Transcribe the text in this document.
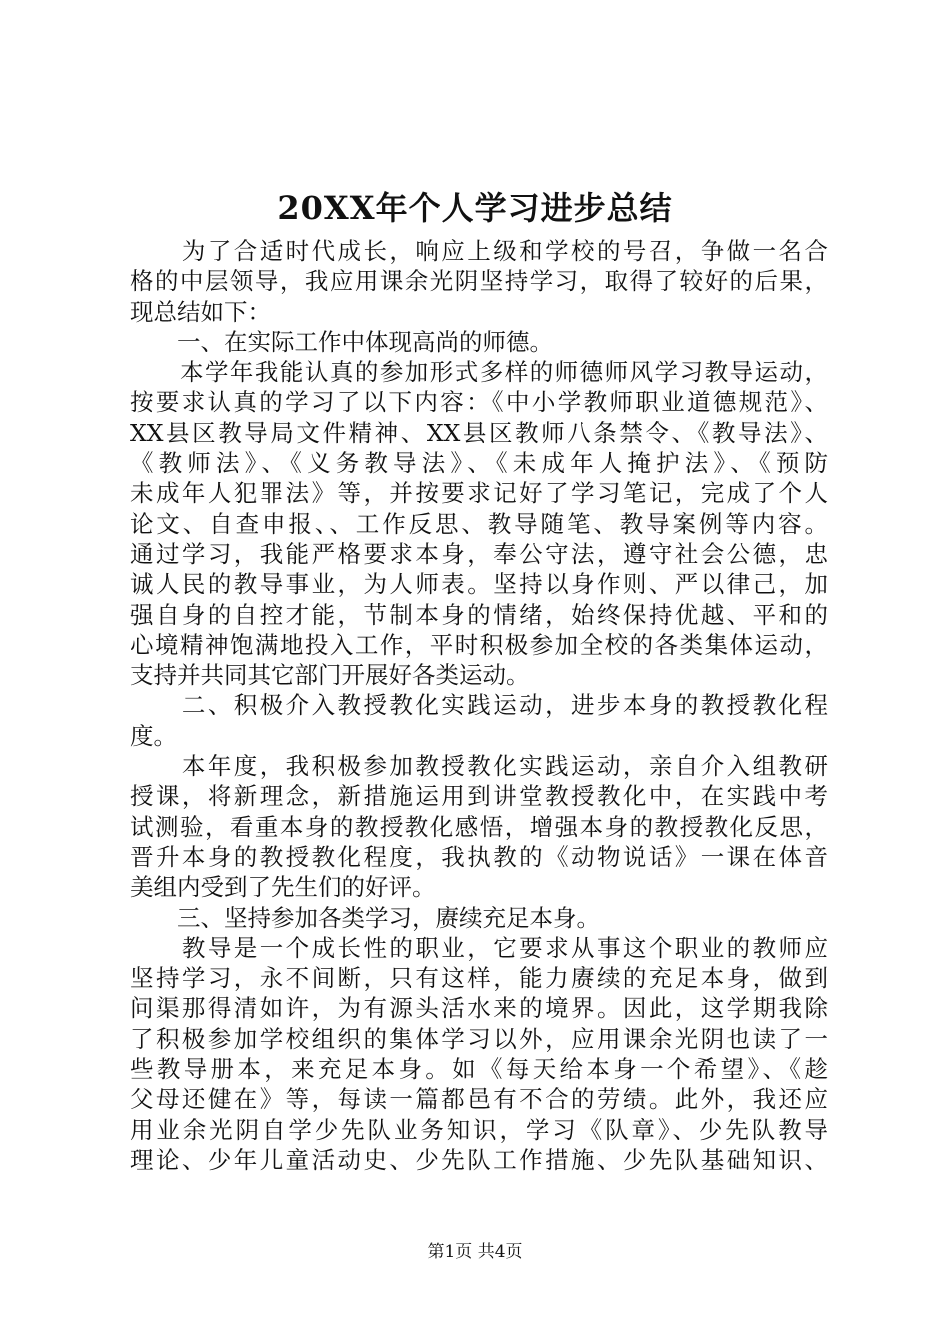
20XX年个人学习进步总结
　　为了合适时代成长，响应上级和学校的号召，争做一名合
格的中层领导，我应用课余光阴坚持学习，取得了较好的后果，
现总结如下：
　　一、在实际工作中体现高尚的师德。
　　本学年我能认真的参加形式多样的师德师风学习教导运动，
按要求认真的学习了以下内容：《中小学教师职业道德规范》、
XX县区教导局文件精神、XX县区教师八条禁令、《教导法》、
《教师法》、《义务教导法》、《未成年人掩护法》、《预防
未成年人犯罪法》等，并按要求记好了学习笔记，完成了个人
论文、自查申报、、工作反思、教导随笔、教导案例等内容。
通过学习，我能严格要求本身，奉公守法，遵守社会公德，忠
诚人民的教导事业，为人师表。坚持以身作则、严以律己，加
强自身的自控才能，节制本身的情绪，始终保持优越、平和的
心境精神饱满地投入工作，平时积极参加全校的各类集体运动，
支持并共同其它部门开展好各类运动。
　　二、积极介入教授教化实践运动，进步本身的教授教化程
度。
　　本年度，我积极参加教授教化实践运动，亲自介入组教研
授课，将新理念，新措施运用到讲堂教授教化中，在实践中考
试测验，看重本身的教授教化感悟，增强本身的教授教化反思，
晋升本身的教授教化程度，我执教的《动物说话》一课在体音
美组内受到了先生们的好评。
　　三、坚持参加各类学习，赓续充足本身。
　　教导是一个成长性的职业，它要求从事这个职业的教师应
坚持学习，永不间断，只有这样，能力赓续的充足本身，做到
问渠那得清如许，为有源头活水来的境界。因此，这学期我除
了积极参加学校组织的集体学习以外，应用课余光阴也读了一
些教导册本，来充足本身。如《每天给本身一个希望》、《趁
父母还健在》等，每读一篇都邑有不合的劳绩。此外，我还应
用业余光阴自学少先队业务知识，学习《队章》、少先队教导
理论、少年儿童活动史、少先队工作措施、少先队基础知识、
第1页 共4页
